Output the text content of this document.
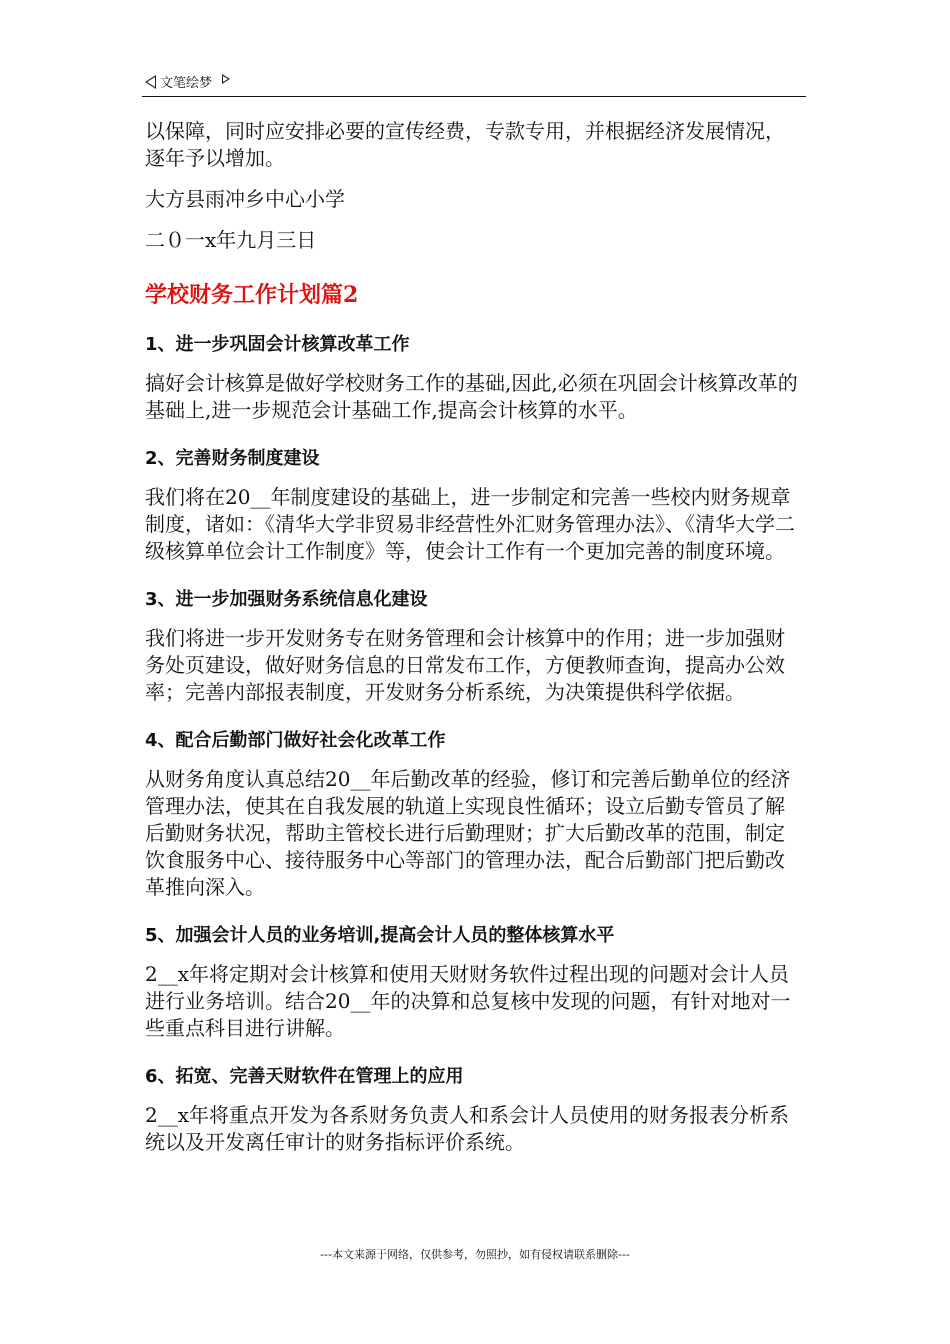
文笔绘梦

以保障，同时应安排必要的宣传经费，专款专用，并根据经济发展情况，逐年予以增加。

大方县雨冲乡中心小学

二０一x年九月三日

学校财务工作计划篇2
1、进一步巩固会计核算改革工作

搞好会计核算是做好学校财务工作的基础,因此,必须在巩固会计核算改革的基础上,进一步规范会计基础工作,提高会计核算的水平。

2、完善财务制度建设

我们将在20__年制度建设的基础上，进一步制定和完善一些校内财务规章制度，诸如：《清华大学非贸易非经营性外汇财务管理办法》、《清华大学二级核算单位会计工作制度》等，使会计工作有一个更加完善的制度环境。

3、进一步加强财务系统信息化建设

我们将进一步开发财务专在财务管理和会计核算中的作用；进一步加强财务处页建设，做好财务信息的日常发布工作，方便教师查询，提高办公效率；完善内部报表制度，开发财务分析系统，为决策提供科学依据。

4、配合后勤部门做好社会化改革工作

从财务角度认真总结20__年后勤改革的经验，修订和完善后勤单位的经济管理办法，使其在自我发展的轨道上实现良性循环；设立后勤专管员了解后勤财务状况，帮助主管校长进行后勤理财；扩大后勤改革的范围，制定饮食服务中心、接待服务中心等部门的管理办法，配合后勤部门把后勤改革推向深入。

5、加强会计人员的业务培训,提高会计人员的整体核算水平

2__x年将定期对会计核算和使用天财财务软件过程出现的问题对会计人员进行业务培训。结合20__年的决算和总复核中发现的问题，有针对地对一些重点科目进行讲解。

6、拓宽、完善天财软件在管理上的应用

2__x年将重点开发为各系财务负责人和系会计人员使用的财务报表分析系统以及开发离任审计的财务指标评价系统。

---本文来源于网络，仅供参考，勿照抄，如有侵权请联系删除---
